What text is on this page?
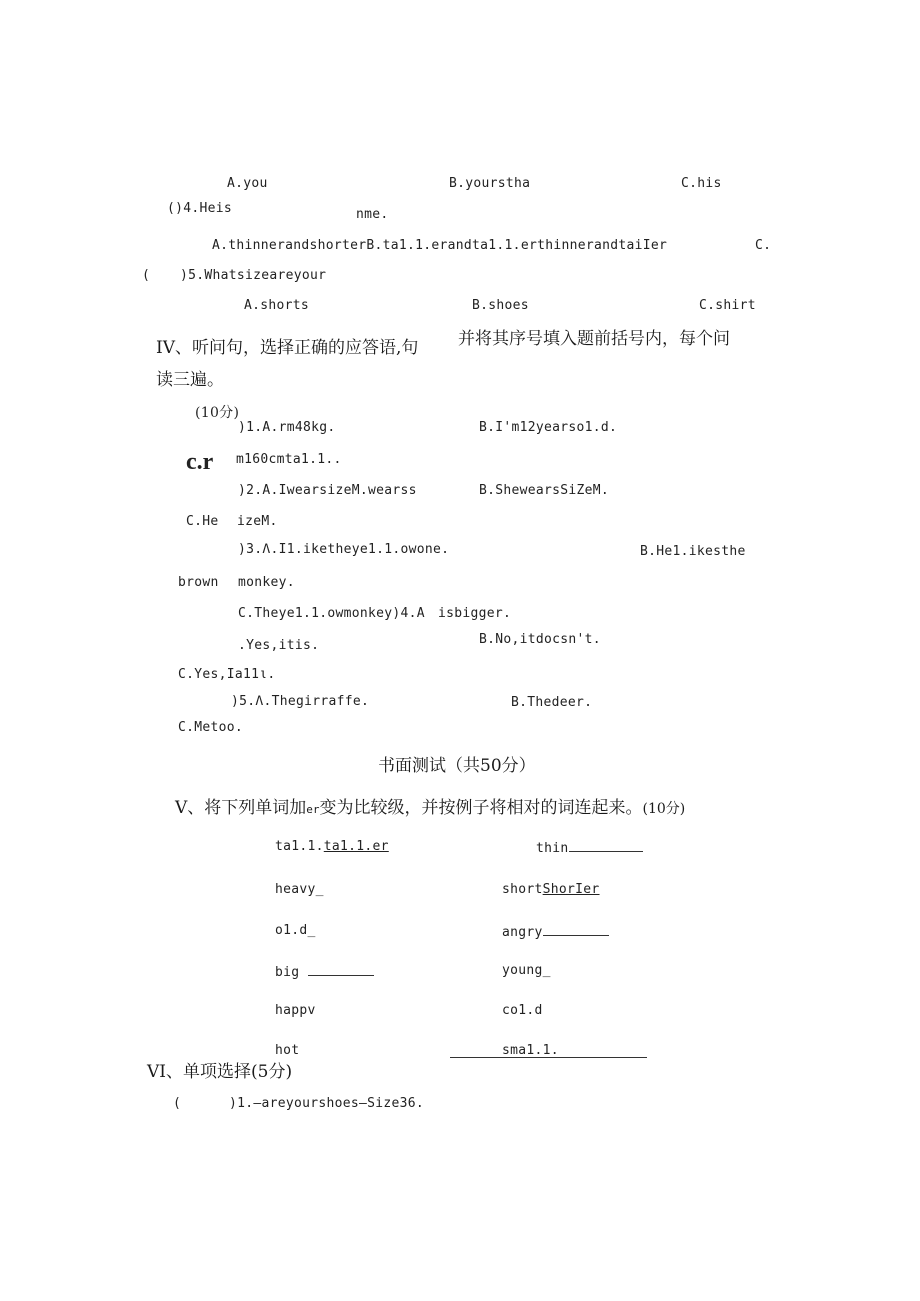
A.you	B.yourstha	C.his
()4.Heis	nme.
A.thinnerandshorterB.ta1.1.erandta1.1.erthinnerandtaiIer	C.
( )5.Whatsizeareyour
A.shorts	B.shoes	C.shirt
IV、听问句，选择正确的应答语,句 并将其序号填入题前括号内，每个问
读三遍。
(10分)
)1.A.rm48kg.	B.I'm12yearso1.d.
c.r m160cmta1.1..
)2.A.IwearsizeM.wearss	B.ShewearsSiZeM.
C.He izeM.
)3.Λ.I1.iketheye1.1.owone.	B.He1.ikesthe
brown monkey.
C.Theye1.1.owmonkey)4.A isbigger.
.Yes,itis.	B.No,itdocsn't.
C.Yes,Ia11ι.
)5.Λ.Thegirraffe.	B.Thedeer.
C.Metoo.
书面测试（共50分）
V、将下列单词加er变为比较级，并按例子将相对的词连起来。(10分)
ta1.1.ta1.1.er	thin
heavy_	shortShorIer
o1.d_	angry
big	young_
happv	co1.d
hot	sma1.1.
VI、单项选择(5分)
(	)1.—areyourshoes—Size36.
